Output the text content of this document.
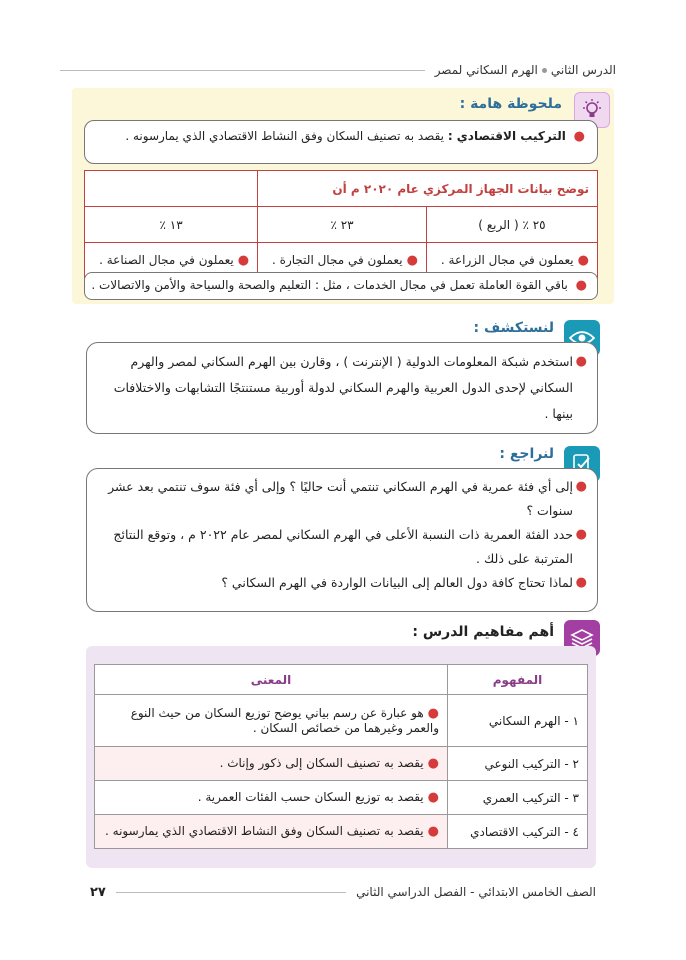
الدرس الثاني
الهرم السكاني لمصر
ملحوظة هامة :
● التركيب الاقتصادي : يقصد به تصنيف السكان وفق النشاط الاقتصادي الذي يمارسونه .
توضح بيانات الجهاز المركزي عام ٢٠٢٠ م أن		
٢٥ ٪ ( الربع )	٢٣ ٪	١٣ ٪
●يعملون في مجال الزراعة .	●يعملون في مجال التجارة .	●يعملون في مجال الصناعة .
● باقي القوة العاملة تعمل في مجال الخدمات ، مثل : التعليم والصحة والسياحة والأمن والاتصالات .
لنستكشف :
●
استخدم شبكة المعلومات الدولية ( الإنترنت ) ، وقارن بين الهرم السكاني لمصر والهرم السكاني لإحدى الدول العربية والهرم السكاني لدولة أوربية مستنتجًا التشابهات والاختلافات بينها .
لنراجع :
●
إلى أي فئة عمرية في الهرم السكاني تنتمي أنت حاليًا ؟ وإلى أي فئة سوف تنتمي بعد عشر سنوات ؟
●
حدد الفئة العمرية ذات النسبة الأعلى في الهرم السكاني لمصر عام ٢٠٢٢ م ، وتوقع النتائج المترتبة على ذلك .
●
لماذا تحتاج كافة دول العالم إلى البيانات الواردة في الهرم السكاني ؟
أهم مفاهيم الدرس :
المفهوم	المعنى
١ - الهرم السكاني	●هو عبارة عن رسم بياني يوضح توزيع السكان من حيث النوع والعمر وغيرهما من خصائص السكان .
٢ - التركيب النوعي	●يقصد به تصنيف السكان إلى ذكور وإناث .
٣ - التركيب العمري	●يقصد به توزيع السكان حسب الفئات العمرية .
٤ - التركيب الاقتصادي	●يقصد به تصنيف السكان وفق النشاط الاقتصادي الذي يمارسونه .
الصف الخامس الابتدائي - الفصل الدراسي الثاني
٢٧
